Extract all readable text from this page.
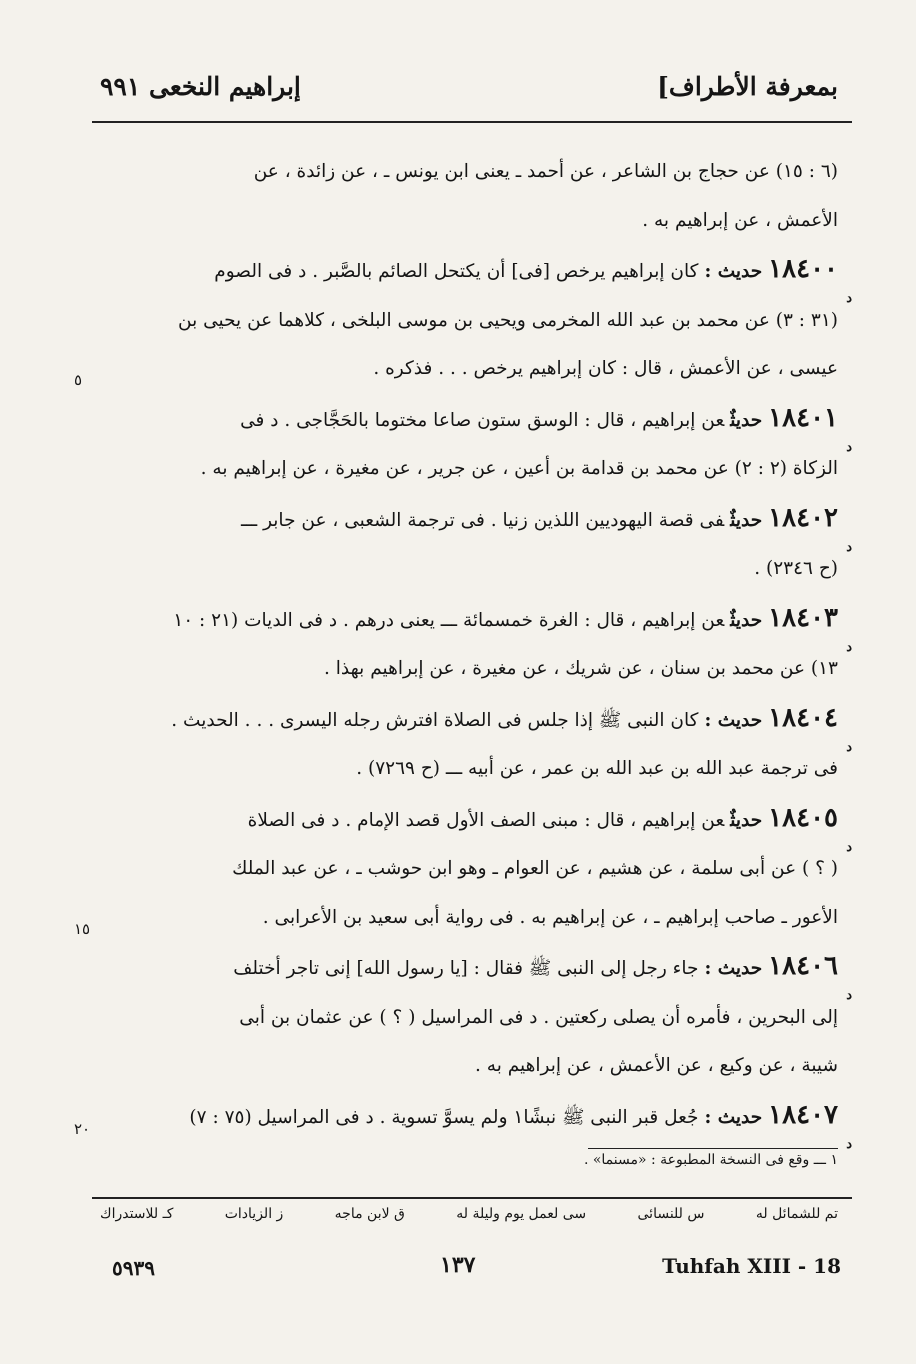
بمعرفة الأطراف]
إبراهيم النخعى ٩٩١
(٦ : ١٥) عن حجاج بن الشاعر ، عن أحمد ـ يعنى ابن يونس ـ ، عن زائدة ، عن
الأعمش ، عن إبراهيم به .
١٨٤٠٠حديث :كان إبراهيم يرخص [فى] أن يكتحل الصائم بالصَّبر . د فى الصوم
(٣١ : ٣) عن محمد بن عبد الله المخرمى ويحيى بن موسى البلخى ، كلاهما عن يحيى بن
عيسى ، عن الأعمش ، قال : كان إبراهيم يرخص . . . فذكره .
د
٥
١٨٤٠١حديثٌعن إبراهيم ، قال : الوسق ستون صاعا مختوما بالحَجَّاجى . د فى
الزكاة (٢ : ٢) عن محمد بن قدامة بن أعين ، عن جرير ، عن مغيرة ، عن إبراهيم به .
د
١٨٤٠٢حديثٌفى قصة اليهوديين اللذين زنيا . فى ترجمة الشعبى ، عن جابر ـــ
(ح ٢٣٤٦) .
د
١٨٤٠٣حديثٌعن إبراهيم ، قال : الغرة خمسمائة ـــ يعنى درهم . د فى الديات (٢١ : ١٠
١٣) عن محمد بن سنان ، عن شريك ، عن مغيرة ، عن إبراهيم بهذا .
د
١٨٤٠٤حديث :كان النبى ﷺ إذا جلس فى الصلاة افترش رجله اليسرى . . . الحديث .
فى ترجمة عبد الله بن عبد الله بن عمر ، عن أبيه ـــ (ح ٧٢٦٩) .
د
١٨٤٠٥حديثٌعن إبراهيم ، قال : مبنى الصف الأول قصد الإمام . د فى الصلاة
( ؟ ) عن أبى سلمة ، عن هشيم ، عن العوام ـ وهو ابن حوشب ـ ، عن عبد الملك
الأعور ـ صاحب إبراهيم ـ ، عن إبراهيم به . فى رواية أبى سعيد بن الأعرابى .
د
١٥
١٨٤٠٦حديث :جاء رجل إلى النبى ﷺ فقال : [يا رسول الله] إنى تاجر أختلف
إلى البحرين ، فأمره أن يصلى ركعتين . د فى المراسيل ( ؟ ) عن عثمان بن أبى
شيبة ، عن وكيع ، عن الأعمش ، عن إبراهيم به .
د
١٨٤٠٧حديث :جُعل قبر النبى ﷺ نبشًا١ ولم يسوَّ تسوية . د فى المراسيل (٧٥ : ٧)
د
٢٠
١ ـــ وقع فى النسخة المطبوعة : «مسنما» .
تم للشمائل له
س للنسائى
سى لعمل يوم وليلة له
ق لابن ماجه
ز الزيادات
كـ للاستدراك
Tuhfah XIII - 18
١٣٧
٥٩٣٩
